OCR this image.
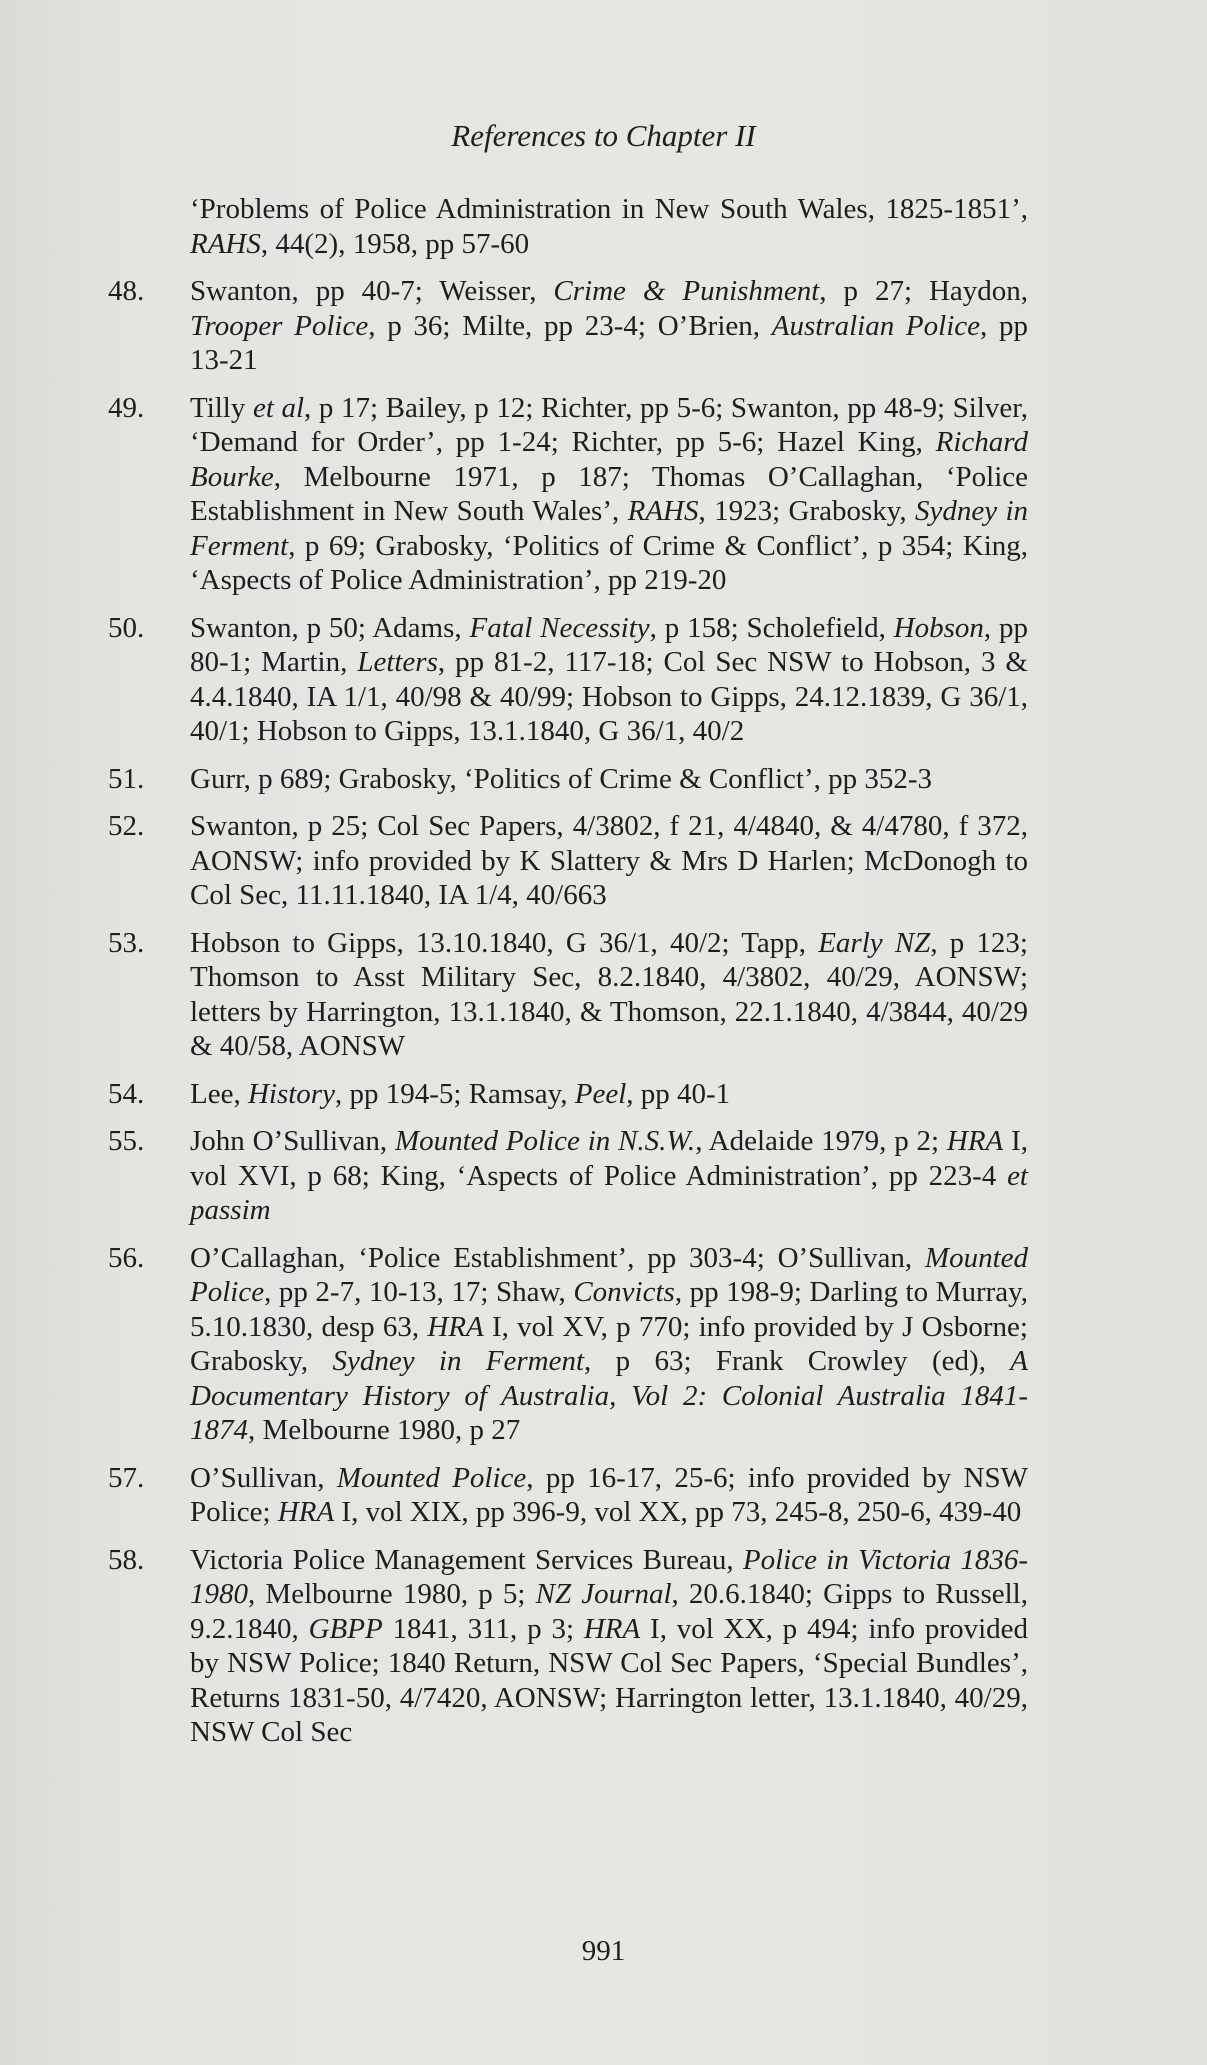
References to Chapter II
‘Problems of Police Administration in New South Wales, 1825-1851’, RAHS, 44(2), 1958, pp 57-60
48.	Swanton, pp 40-7; Weisser, Crime & Punishment, p 27; Haydon, Trooper Police, p 36; Milte, pp 23-4; O’Brien, Australian Police, pp 13-21
49.	Tilly et al, p 17; Bailey, p 12; Richter, pp 5-6; Swanton, pp 48-9; Silver, ‘Demand for Order’, pp 1-24; Richter, pp 5-6; Hazel King, Richard Bourke, Melbourne 1971, p 187; Thomas O’Callaghan, ‘Police Establishment in New South Wales’, RAHS, 1923; Grabosky, Sydney in Ferment, p 69; Grabosky, ‘Politics of Crime & Conflict’, p 354; King, ‘Aspects of Police Administration’, pp 219-20
50.	Swanton, p 50; Adams, Fatal Necessity, p 158; Scholefield, Hobson, pp 80-1; Martin, Letters, pp 81-2, 117-18; Col Sec NSW to Hobson, 3 & 4.4.1840, IA 1/1, 40/98 & 40/99; Hobson to Gipps, 24.12.1839, G 36/1, 40/1; Hobson to Gipps, 13.1.1840, G 36/1, 40/2
51.	Gurr, p 689; Grabosky, ‘Politics of Crime & Conflict’, pp 352-3
52.	Swanton, p 25; Col Sec Papers, 4/3802, f 21, 4/4840, & 4/4780, f 372, AONSW; info provided by K Slattery & Mrs D Harlen; McDonogh to Col Sec, 11.11.1840, IA 1/4, 40/663
53.	Hobson to Gipps, 13.10.1840, G 36/1, 40/2; Tapp, Early NZ, p 123; Thomson to Asst Military Sec, 8.2.1840, 4/3802, 40/29, AONSW; letters by Harrington, 13.1.1840, & Thomson, 22.1.1840, 4/3844, 40/29 & 40/58, AONSW
54.	Lee, History, pp 194-5; Ramsay, Peel, pp 40-1
55.	John O’Sullivan, Mounted Police in N.S.W., Adelaide 1979, p 2; HRA I, vol XVI, p 68; King, ‘Aspects of Police Administration’, pp 223-4 et passim
56.	O’Callaghan, ‘Police Establishment’, pp 303-4; O’Sullivan, Mounted Police, pp 2-7, 10-13, 17; Shaw, Convicts, pp 198-9; Darling to Murray, 5.10.1830, desp 63, HRA I, vol XV, p 770; info provided by J Osborne; Grabosky, Sydney in Ferment, p 63; Frank Crowley (ed), A Documentary History of Australia, Vol 2: Colonial Australia 1841-1874, Melbourne 1980, p 27
57.	O’Sullivan, Mounted Police, pp 16-17, 25-6; info provided by NSW Police; HRA I, vol XIX, pp 396-9, vol XX, pp 73, 245-8, 250-6, 439-40
58.	Victoria Police Management Services Bureau, Police in Victoria 1836-1980, Melbourne 1980, p 5; NZ Journal, 20.6.1840; Gipps to Russell, 9.2.1840, GBPP 1841, 311, p 3; HRA I, vol XX, p 494; info provided by NSW Police; 1840 Return, NSW Col Sec Papers, ‘Special Bundles’, Returns 1831-50, 4/7420, AONSW; Harrington letter, 13.1.1840, 40/29, NSW Col Sec
991
